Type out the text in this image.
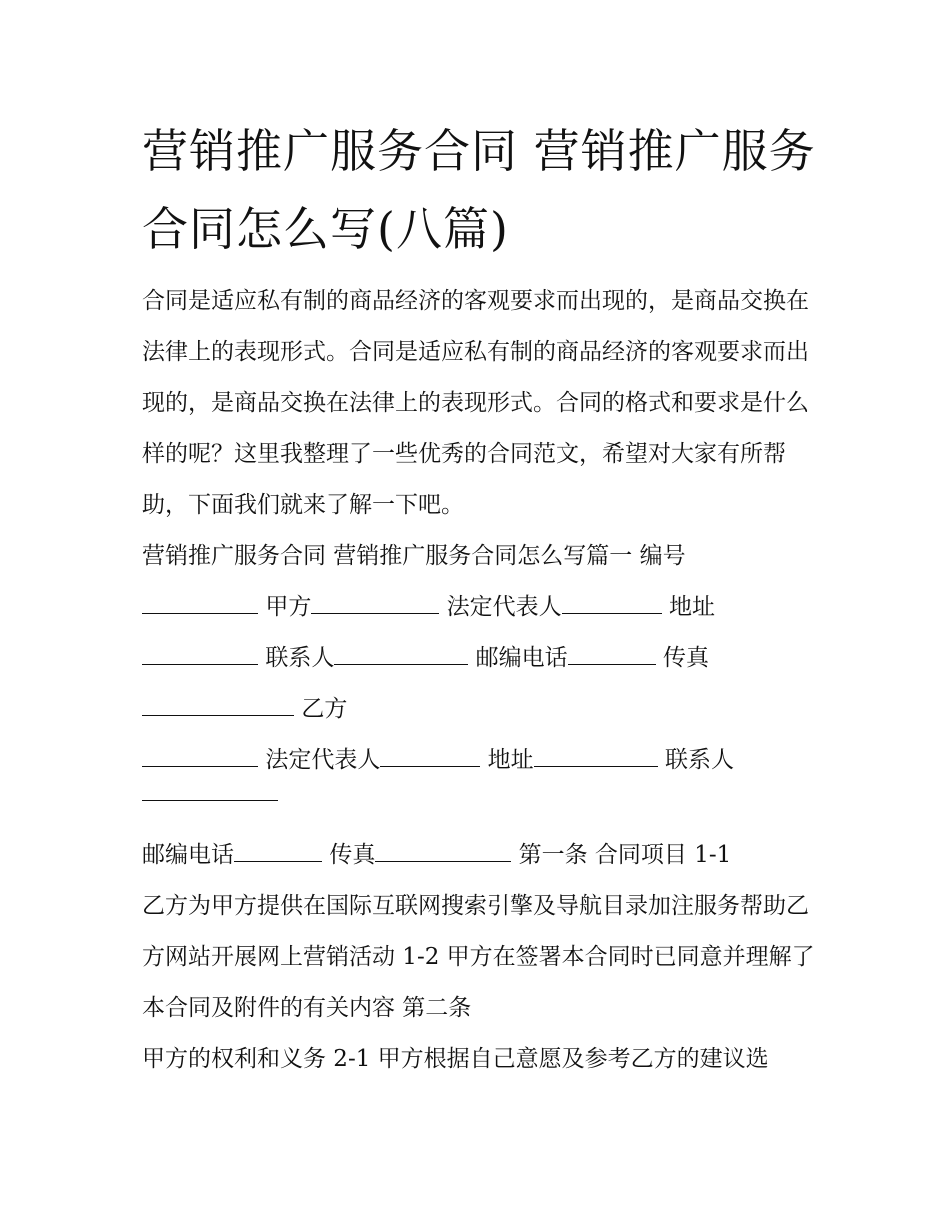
营销推广服务合同 营销推广服务合同怎么写(八篇)

合同是适应私有制的商品经济的客观要求而出现的，是商品交换在法律上的表现形式。合同是适应私有制的商品经济的客观要求而出现的，是商品交换在法律上的表现形式。合同的格式和要求是什么样的呢？这里我整理了一些优秀的合同范文，希望对大家有所帮助，下面我们就来了解一下吧。

营销推广服务合同 营销推广服务合同怎么写篇一 编号

甲方	法定代表人	地址

联系人	邮编电话	传真

乙方

法定代表人	地址	联系人

邮编电话	传真	第一条 合同项目 1-1

乙方为甲方提供在国际互联网搜索引擎及导航目录加注服务帮助乙方网站开展网上营销活动 1-2 甲方在签署本合同时已同意并理解了本合同及附件的有关内容 第二条

甲方的权利和义务 2-1 甲方根据自己意愿及参考乙方的建议选
